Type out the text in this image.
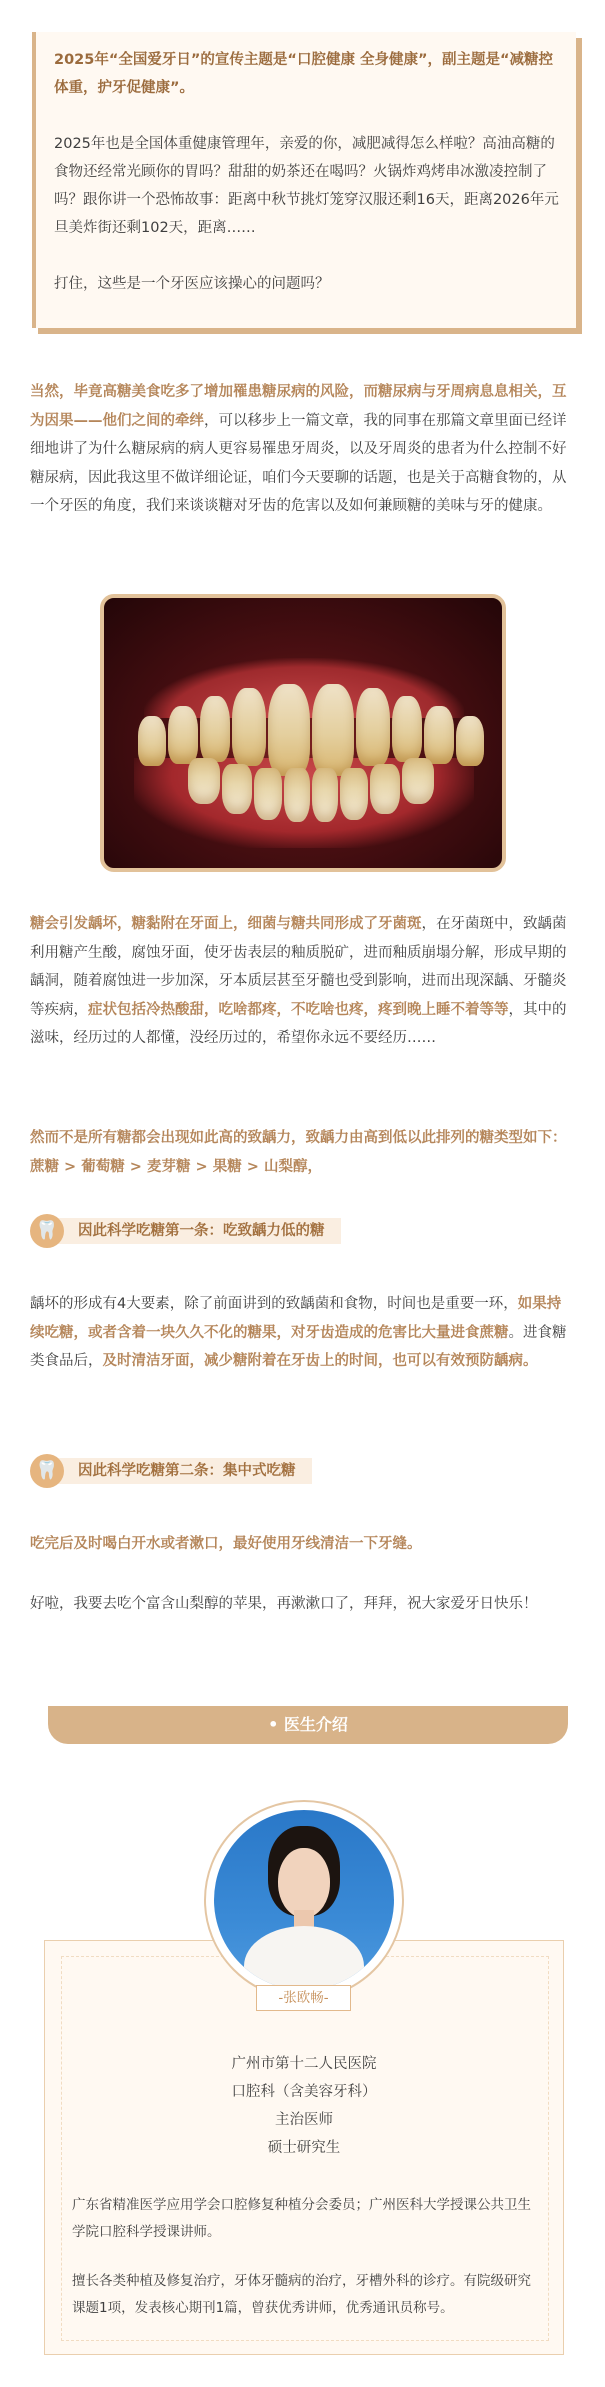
2025年“全国爱牙日”的宣传主题是“口腔健康 全身健康”，副主题是“减糖控体重，护牙促健康”。

2025年也是全国体重健康管理年，亲爱的你，减肥减得怎么样啦？高油高糖的食物还经常光顾你的胃吗？甜甜的奶茶还在喝吗？火锅炸鸡烤串冰激凌控制了吗？跟你讲一个恐怖故事：距离中秋节挑灯笼穿汉服还剩16天，距离2026年元旦美炸街还剩102天，距离……

打住，这些是一个牙医应该操心的问题吗？

当然，毕竟高糖美食吃多了增加罹患糖尿病的风险，而糖尿病与牙周病息息相关，互为因果——他们之间的牵绊，可以移步上一篇文章，我的同事在那篇文章里面已经详细地讲了为什么糖尿病的病人更容易罹患牙周炎，以及牙周炎的患者为什么控制不好糖尿病，因此我这里不做详细论证，咱们今天要聊的话题，也是关于高糖食物的，从一个牙医的角度，我们来谈谈糖对牙齿的危害以及如何兼顾糖的美味与牙的健康。
糖会引发龋坏，糖黏附在牙面上，细菌与糖共同形成了牙菌斑，在牙菌斑中，致龋菌利用糖产生酸，腐蚀牙面，使牙齿表层的釉质脱矿，进而釉质崩塌分解，形成早期的龋洞，随着腐蚀进一步加深，牙本质层甚至牙髓也受到影响，进而出现深龋、牙髓炎等疾病，症状包括冷热酸甜，吃啥都疼，不吃啥也疼，疼到晚上睡不着等等，其中的滋味，经历过的人都懂，没经历过的，希望你永远不要经历……
然而不是所有糖都会出现如此高的致龋力，致龋力由高到低以此排列的糖类型如下：蔗糖 > 葡萄糖 > 麦芽糖 > 果糖 > 山梨醇，
🦷	因此科学吃糖第一条：吃致龋力低的糖
龋坏的形成有4大要素，除了前面讲到的致龋菌和食物，时间也是重要一环，如果持续吃糖，或者含着一块久久不化的糖果，对牙齿造成的危害比大量进食蔗糖。进食糖类食品后，及时清洁牙面，减少糖附着在牙齿上的时间，也可以有效预防龋病。
🦷	因此科学吃糖第二条：集中式吃糖
吃完后及时喝白开水或者漱口，最好使用牙线清洁一下牙缝。
好啦，我要去吃个富含山梨醇的苹果，再漱漱口了，拜拜，祝大家爱牙日快乐！
• 医生介绍
-张欧畅-
广州市第十二人民医院
口腔科（含美容牙科）
主治医师
硕士研究生
广东省精准医学应用学会口腔修复种植分会委员；广州医科大学授课公共卫生学院口腔科学授课讲师。
擅长各类种植及修复治疗，牙体牙髓病的治疗，牙槽外科的诊疗。有院级研究课题1项，发表核心期刊1篇，曾获优秀讲师，优秀通讯员称号。
